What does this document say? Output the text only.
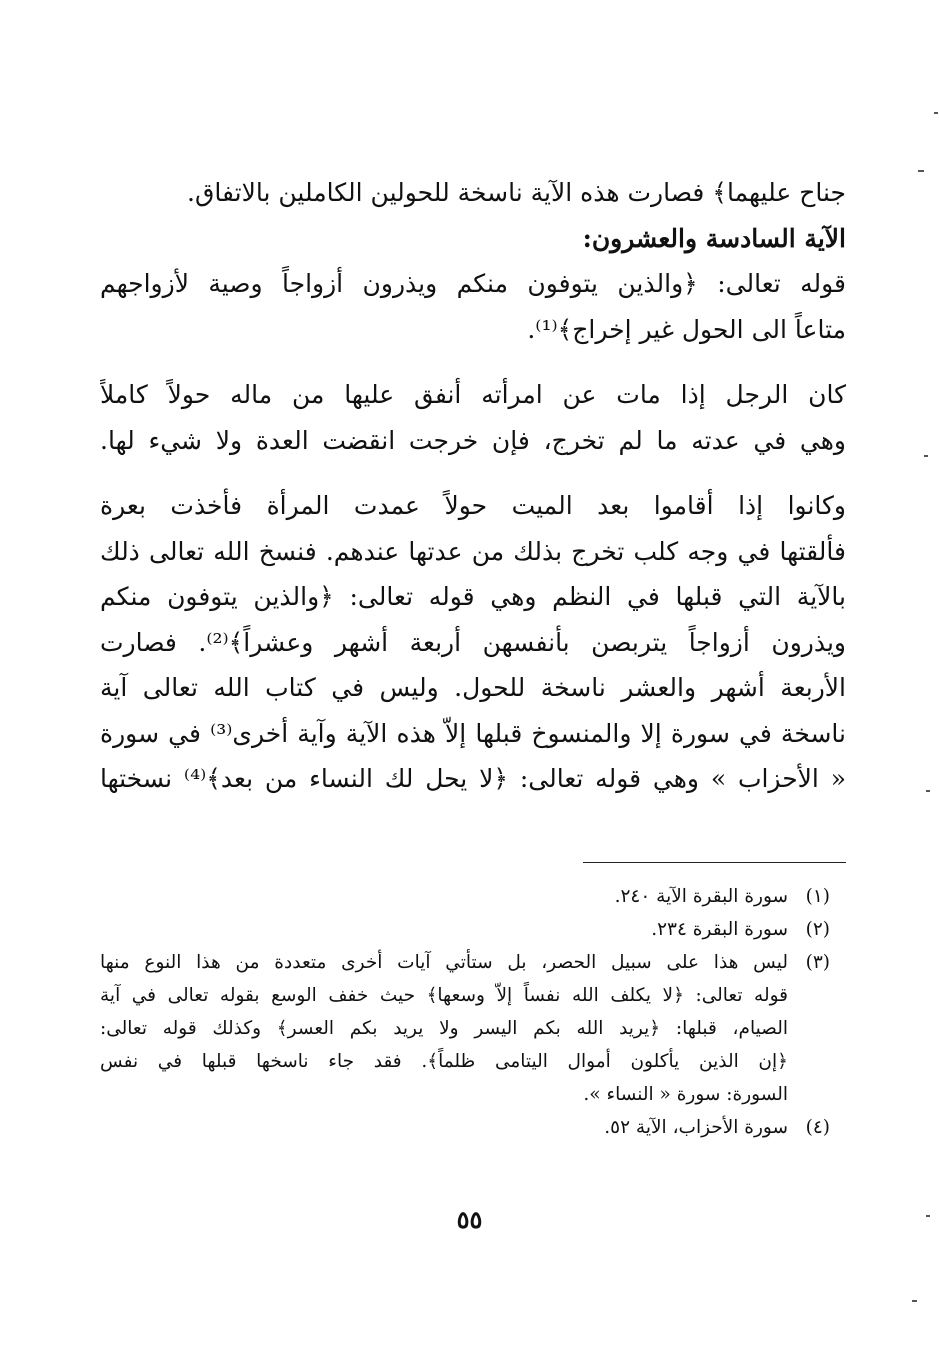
جناح عليهما﴾ فصارت هذه الآية ناسخة للحولين الكاملين بالاتفاق.
الآية السادسة والعشرون:
قوله تعالى: ﴿والذين يتوفون منكم ويذرون أزواجاً وصية لأزواجهم
متاعاً الى الحول غير إخراج﴾⁽¹⁾.
كان الرجل إذا مات عن امرأته أنفق عليها من ماله حولاً كاملاً
وهي في عدته ما لم تخرج، فإن خرجت انقضت العدة ولا شيء لها.
وكانوا إذا أقاموا بعد الميت حولاً عمدت المرأة فأخذت بعرة
فألقتها في وجه كلب تخرج بذلك من عدتها عندهم. فنسخ الله تعالى ذلك
بالآية التي قبلها في النظم وهي قوله تعالى: ﴿والذين يتوفون منكم
ويذرون أزواجاً يتربصن بأنفسهن أربعة أشهر وعشراً﴾⁽²⁾. فصارت
الأربعة أشهر والعشر ناسخة للحول. وليس في كتاب الله تعالى آية
ناسخة في سورة إلا والمنسوخ قبلها إلاّ هذه الآية وآية أخرى⁽³⁾ في سورة
« الأحزاب » وهي قوله تعالى: ﴿لا يحل لك النساء من بعد﴾⁽⁴⁾ نسختها
(١)
سورة البقرة الآية ٢٤٠.
(٢)
سورة البقرة ٢٣٤.
(٣)
ليس هذا على سبيل الحصر، بل ستأتي آيات أخرى متعددة من هذا النوع منها
قوله تعالى: ﴿لا يكلف الله نفساً إلاّ وسعها﴾ حيث خفف الوسع بقوله تعالى في آية
الصيام، قبلها: ﴿يريد الله بكم اليسر ولا يريد بكم العسر﴾ وكذلك قوله تعالى:
﴿إن الذين يأكلون أموال اليتامى ظلماً﴾. فقد جاء ناسخها قبلها في نفس
السورة: سورة « النساء ».
(٤)
سورة الأحزاب، الآية ٥٢.
٥٥
